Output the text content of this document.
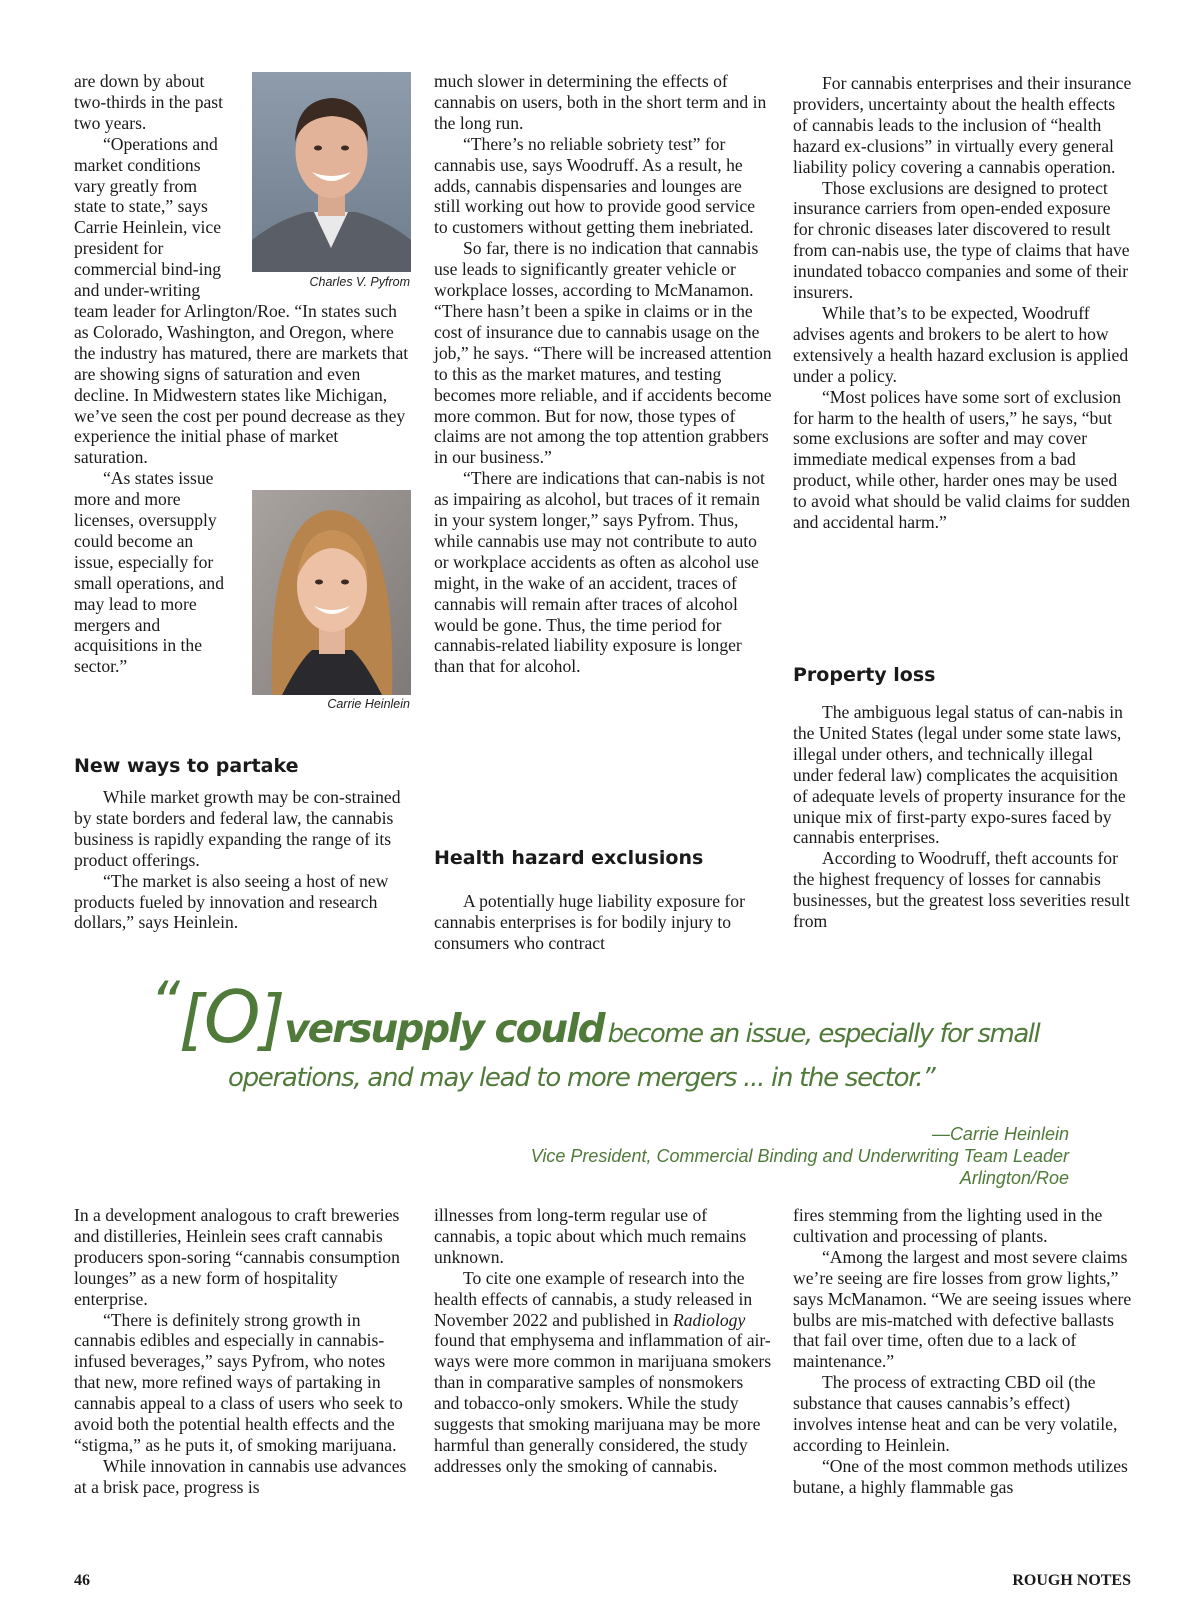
Charles V. Pyfrom
Carrie Heinlein

are down by about two-thirds in the past two years.

“Operations and market conditions vary greatly from state to state,” says Carrie Heinlein, vice president for commercial bind-ing and under-writing team leader for Arlington/Roe. “In states such as Colorado, Washington, and Oregon, where the industry has matured, there are markets that are showing signs of saturation and even decline. In Midwestern states like Michigan, we’ve seen the cost per pound decrease as they experience the initial phase of market saturation.

“As states issue more and more licenses, oversupply could become an issue, especially for small operations, and may lead to more mergers and acquisitions in the sector.”

New ways to partake

While market growth may be con-strained by state borders and federal law, the cannabis business is rapidly expanding the range of its product offerings.

“The market is also seeing a host of new products fueled by innovation and research dollars,” says Heinlein.

much slower in determining the effects of cannabis on users, both in the short term and in the long run.

“There’s no reliable sobriety test” for cannabis use, says Woodruff. As a result, he adds, cannabis dispensaries and lounges are still working out how to provide good service to customers without getting them inebriated.

So far, there is no indication that cannabis use leads to significantly greater vehicle or workplace losses, according to McManamon. “There hasn’t been a spike in claims or in the cost of insurance due to cannabis usage on the job,” he says. “There will be increased attention to this as the market matures, and testing becomes more reliable, and if accidents become more common. But for now, those types of claims are not among the top attention grabbers in our business.”

“There are indications that can-nabis is not as impairing as alcohol, but traces of it remain in your system longer,” says Pyfrom. Thus, while cannabis use may not contribute to auto or workplace accidents as often as alcohol use might, in the wake of an accident, traces of cannabis will remain after traces of alcohol would be gone. Thus, the time period for cannabis-related liability exposure is longer than that for alcohol.

Health hazard exclusions

A potentially huge liability exposure for cannabis enterprises is for bodily injury to consumers who contract

For cannabis enterprises and their insurance providers, uncertainty about the health effects of cannabis leads to the inclusion of “health hazard ex-clusions” in virtually every general liability policy covering a cannabis operation.

Those exclusions are designed to protect insurance carriers from open-ended exposure for chronic diseases later discovered to result from can-nabis use, the type of claims that have inundated tobacco companies and some of their insurers.

While that’s to be expected, Woodruff advises agents and brokers to be alert to how extensively a health hazard exclusion is applied under a policy.

“Most polices have some sort of exclusion for harm to the health of users,” he says, “but some exclusions are softer and may cover immediate medical expenses from a bad product, while other, harder ones may be used to avoid what should be valid claims for sudden and accidental harm.”

Property loss

The ambiguous legal status of can-nabis in the United States (legal under some state laws, illegal under others, and technically illegal under federal law) complicates the acquisition of adequate levels of property insurance for the unique mix of first-party expo-sures faced by cannabis enterprises.

According to Woodruff, theft accounts for the highest frequency of losses for cannabis businesses, but the greatest loss severities result from

“[O]versupply could become an issue, especially for small
operations, and may lead to more mergers ... in the sector.”
—Carrie Heinlein
Vice President, Commercial Binding and Underwriting Team Leader
Arlington/Roe

In a development analogous to craft breweries and distilleries, Heinlein sees craft cannabis producers spon-soring “cannabis consumption lounges” as a new form of hospitality enterprise.

“There is definitely strong growth in cannabis edibles and especially in cannabis-infused beverages,” says Pyfrom, who notes that new, more refined ways of partaking in cannabis appeal to a class of users who seek to avoid both the potential health effects and the “stigma,” as he puts it, of smoking marijuana.

While innovation in cannabis use advances at a brisk pace, progress is

illnesses from long-term regular use of cannabis, a topic about which much remains unknown.

To cite one example of research into the health effects of cannabis, a study released in November 2022 and published in Radiology found that emphysema and inflammation of air-ways were more common in marijuana smokers than in comparative samples of nonsmokers and tobacco-only smokers. While the study suggests that smoking marijuana may be more harmful than generally considered, the study addresses only the smoking of cannabis.

fires stemming from the lighting used in the cultivation and processing of plants.

“Among the largest and most severe claims we’re seeing are fire losses from grow lights,” says McManamon. “We are seeing issues where bulbs are mis-matched with defective ballasts that fail over time, often due to a lack of maintenance.”

The process of extracting CBD oil (the substance that causes cannabis’s effect) involves intense heat and can be very volatile, according to Heinlein.

“One of the most common methods utilizes butane, a highly flammable gas

46	ROUGH NOTES
